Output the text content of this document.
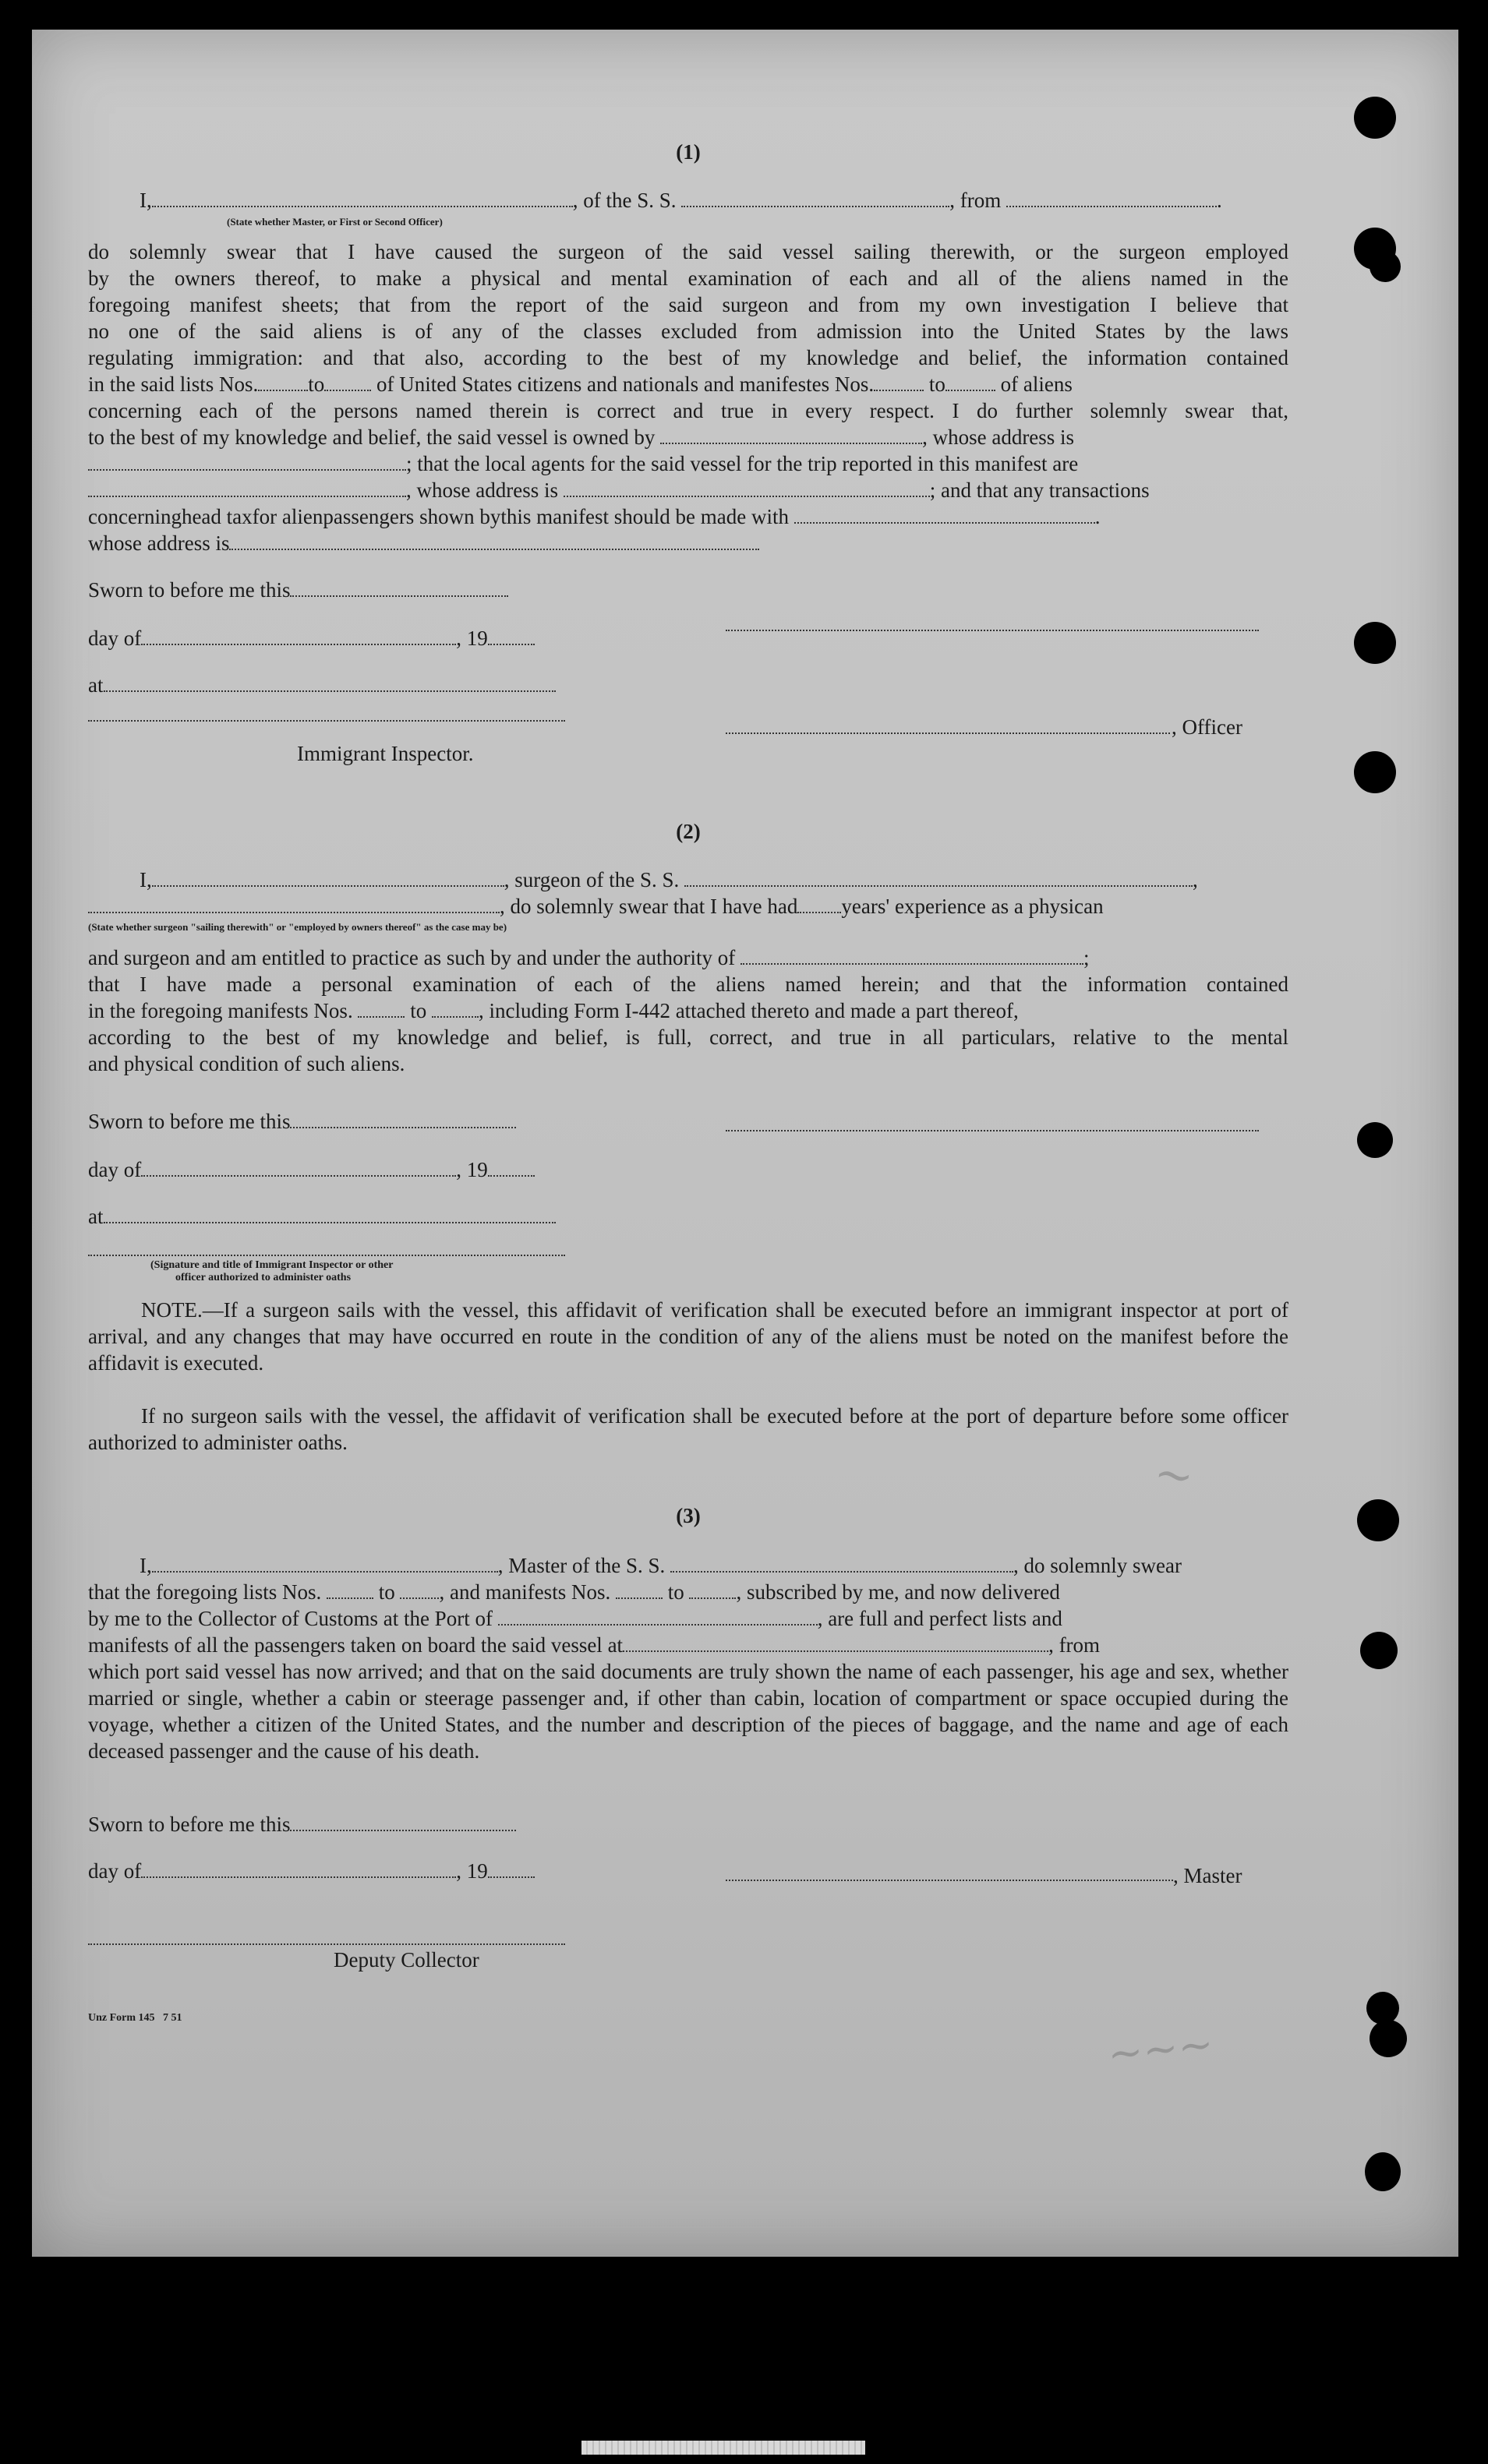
~
~~~
(1)
I,	, of the S. S.	, from	.
(State whether Master, or First or Second Officer)
do solemnly swear that I have caused the surgeon of the said vessel sailing therewith, or the surgeon employed
by the owners thereof, to make a physical and mental examination of each and all of the aliens named in the
foregoing manifest sheets; that from the report of the said surgeon and from my own investigation I believe that
no one of the said aliens is of any of the classes excluded from admission into the United States by the laws
regulating immigration: and that also, according to the best of my knowledge and belief, the information contained
in the said lists Nos. to of United States citizens and nationals and manifestes Nos.	to	of aliens
concerning each of the persons named therein is correct and true in every respect. I do further solemnly swear that,
to the best of my knowledge and belief, the said vessel is owned by	, whose address is
; that the local agents for the said vessel for the trip reported in this manifest are
, whose address is	; and that any transactions
concerninghead taxfor alienpassengers shown bythis manifest should be made with	.
whose address is
Sworn to before me this
day of	, 19
at
, Officer
Immigrant Inspector.
(2)
I,	, surgeon of the S. S.	,
, do solemnly swear that I have had years' experience as a physican
(State whether surgeon "sailing therewith" or "employed by owners thereof" as the case may be)
and surgeon and am entitled to practice as such by and under the authority of	;
that I have made a personal examination of each of the aliens named herein; and that the information contained
in the foregoing manifests Nos.	to , including Form I-442 attached thereto and made a part thereof,
according to the best of my knowledge and belief, is full, correct, and true in all particulars, relative to the mental
and physical condition of such aliens.
Sworn to before me this
day of	, 19
at
(Signature and title of Immigrant Inspector or other
officer authorized to administer oaths
NOTE.—If a surgeon sails with the vessel, this affidavit of verification shall be executed before an immigrant inspector at port of arrival, and any changes that may have occurred en route in the condition of any of the aliens must be noted on the manifest before the affidavit is executed.
If no surgeon sails with the vessel, the affidavit of verification shall be executed before at the port of departure before some officer authorized to administer oaths.
(3)
I,	, Master of the S. S.	, do solemnly swear
that the foregoing lists Nos.	to , and manifests Nos.	to , subscribed by me, and now delivered
by me to the Collector of Customs at the Port of	, are full and perfect lists and
manifests of all the passengers taken on board the said vessel at	, from
which port said vessel has now arrived; and that on the said documents are truly shown the name of each passenger, his age and sex, whether married or single, whether a cabin or steerage passenger and, if other than cabin, location of compartment or space occupied during the voyage, whether a citizen of the United States, and the number and description of the pieces of baggage, and the name and age of each deceased passenger and the cause of his death.
Sworn to before me this
day of	, 19	, Master
Deputy Collector
Unz Form 145   7 51
